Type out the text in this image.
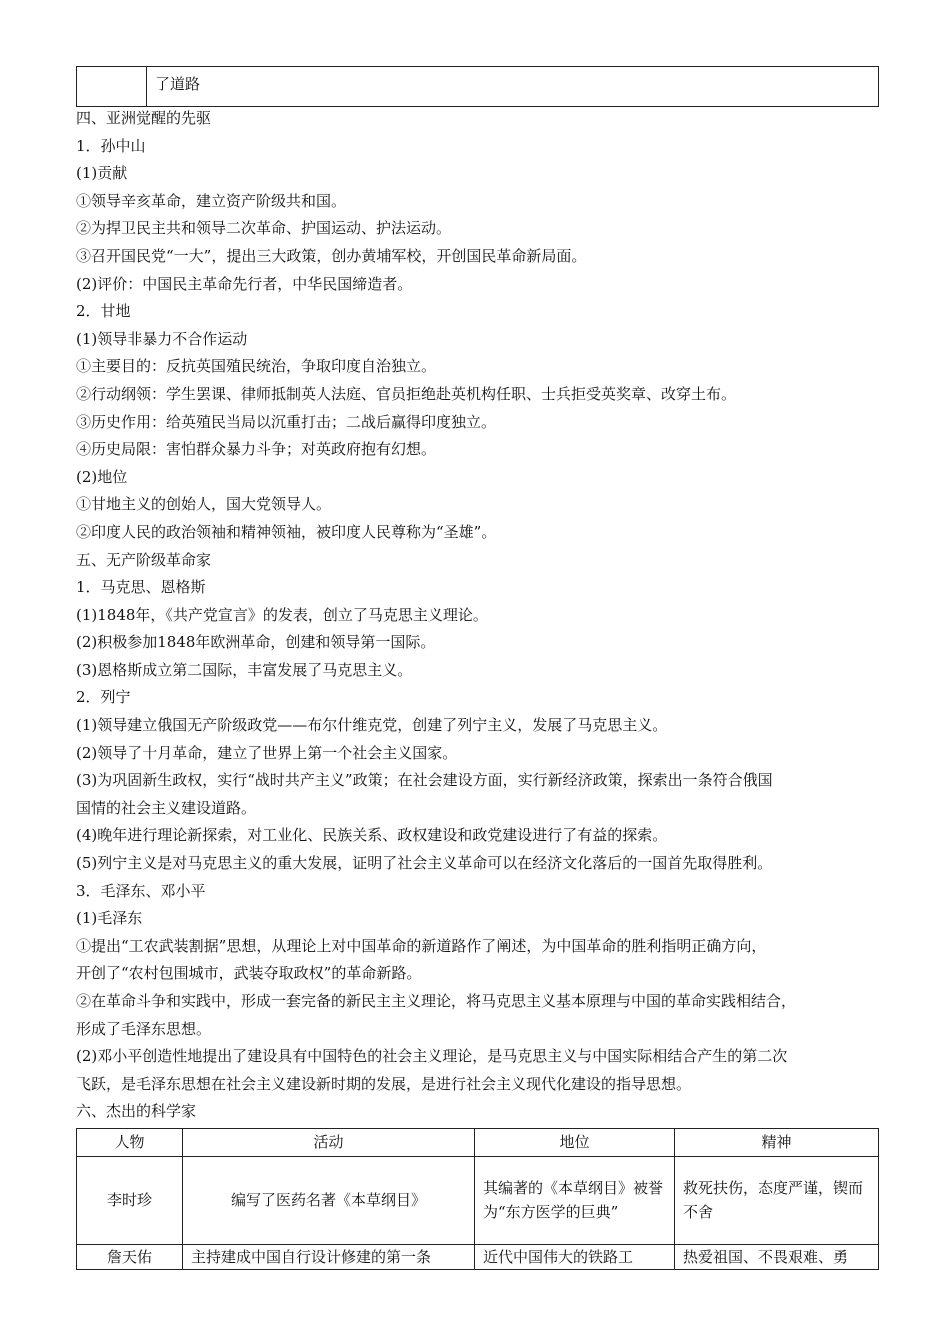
	了道路
四、亚洲觉醒的先驱
1．孙中山
(1)贡献
①领导辛亥革命，建立资产阶级共和国。
②为捍卫民主共和领导二次革命、护国运动、护法运动。
③召开国民党“一大”，提出三大政策，创办黄埔军校，开创国民革命新局面。
(2)评价：中国民主革命先行者，中华民国缔造者。
2．甘地
(1)领导非暴力不合作运动
①主要目的：反抗英国殖民统治，争取印度自治独立。
②行动纲领：学生罢课、律师抵制英人法庭、官员拒绝赴英机构任职、士兵拒受英奖章、改穿土布。
③历史作用：给英殖民当局以沉重打击；二战后赢得印度独立。
④历史局限：害怕群众暴力斗争；对英政府抱有幻想。
(2)地位
①甘地主义的创始人，国大党领导人。
②印度人民的政治领袖和精神领袖，被印度人民尊称为“圣雄”。
五、无产阶级革命家
1．马克思、恩格斯
(1)1848年，《共产党宣言》的发表，创立了马克思主义理论。
(2)积极参加1848年欧洲革命，创建和领导第一国际。
(3)恩格斯成立第二国际，丰富发展了马克思主义。
2．列宁
(1)领导建立俄国无产阶级政党——布尔什维克党，创建了列宁主义，发展了马克思主义。
(2)领导了十月革命，建立了世界上第一个社会主义国家。
(3)为巩固新生政权，实行“战时共产主义”政策；在社会建设方面，实行新经济政策，探索出一条符合俄国
国情的社会主义建设道路。
(4)晚年进行理论新探索，对工业化、民族关系、政权建设和政党建设进行了有益的探索。
(5)列宁主义是对马克思主义的重大发展，证明了社会主义革命可以在经济文化落后的一国首先取得胜利。
3．毛泽东、邓小平
(1)毛泽东
①提出“工农武装割据”思想，从理论上对中国革命的新道路作了阐述，为中国革命的胜利指明正确方向，
开创了“农村包围城市，武装夺取政权”的革命新路。
②在革命斗争和实践中，形成一套完备的新民主主义理论，将马克思主义基本原理与中国的革命实践相结合，
形成了毛泽东思想。
(2)邓小平创造性地提出了建设具有中国特色的社会主义理论，是马克思主义与中国实际相结合产生的第二次
飞跃，是毛泽东思想在社会主义建设新时期的发展，是进行社会主义现代化建设的指导思想。
六、杰出的科学家
人物	活动	地位	精神
李时珍	编写了医药名著《本草纲目》	其编著的《本草纲目》被誉为“东方医学的巨典”	救死扶伤，态度严谨，锲而不舍
詹天佑	主持建成中国自行设计修建的第一条	近代中国伟大的铁路工	热爱祖国、不畏艰难、勇
